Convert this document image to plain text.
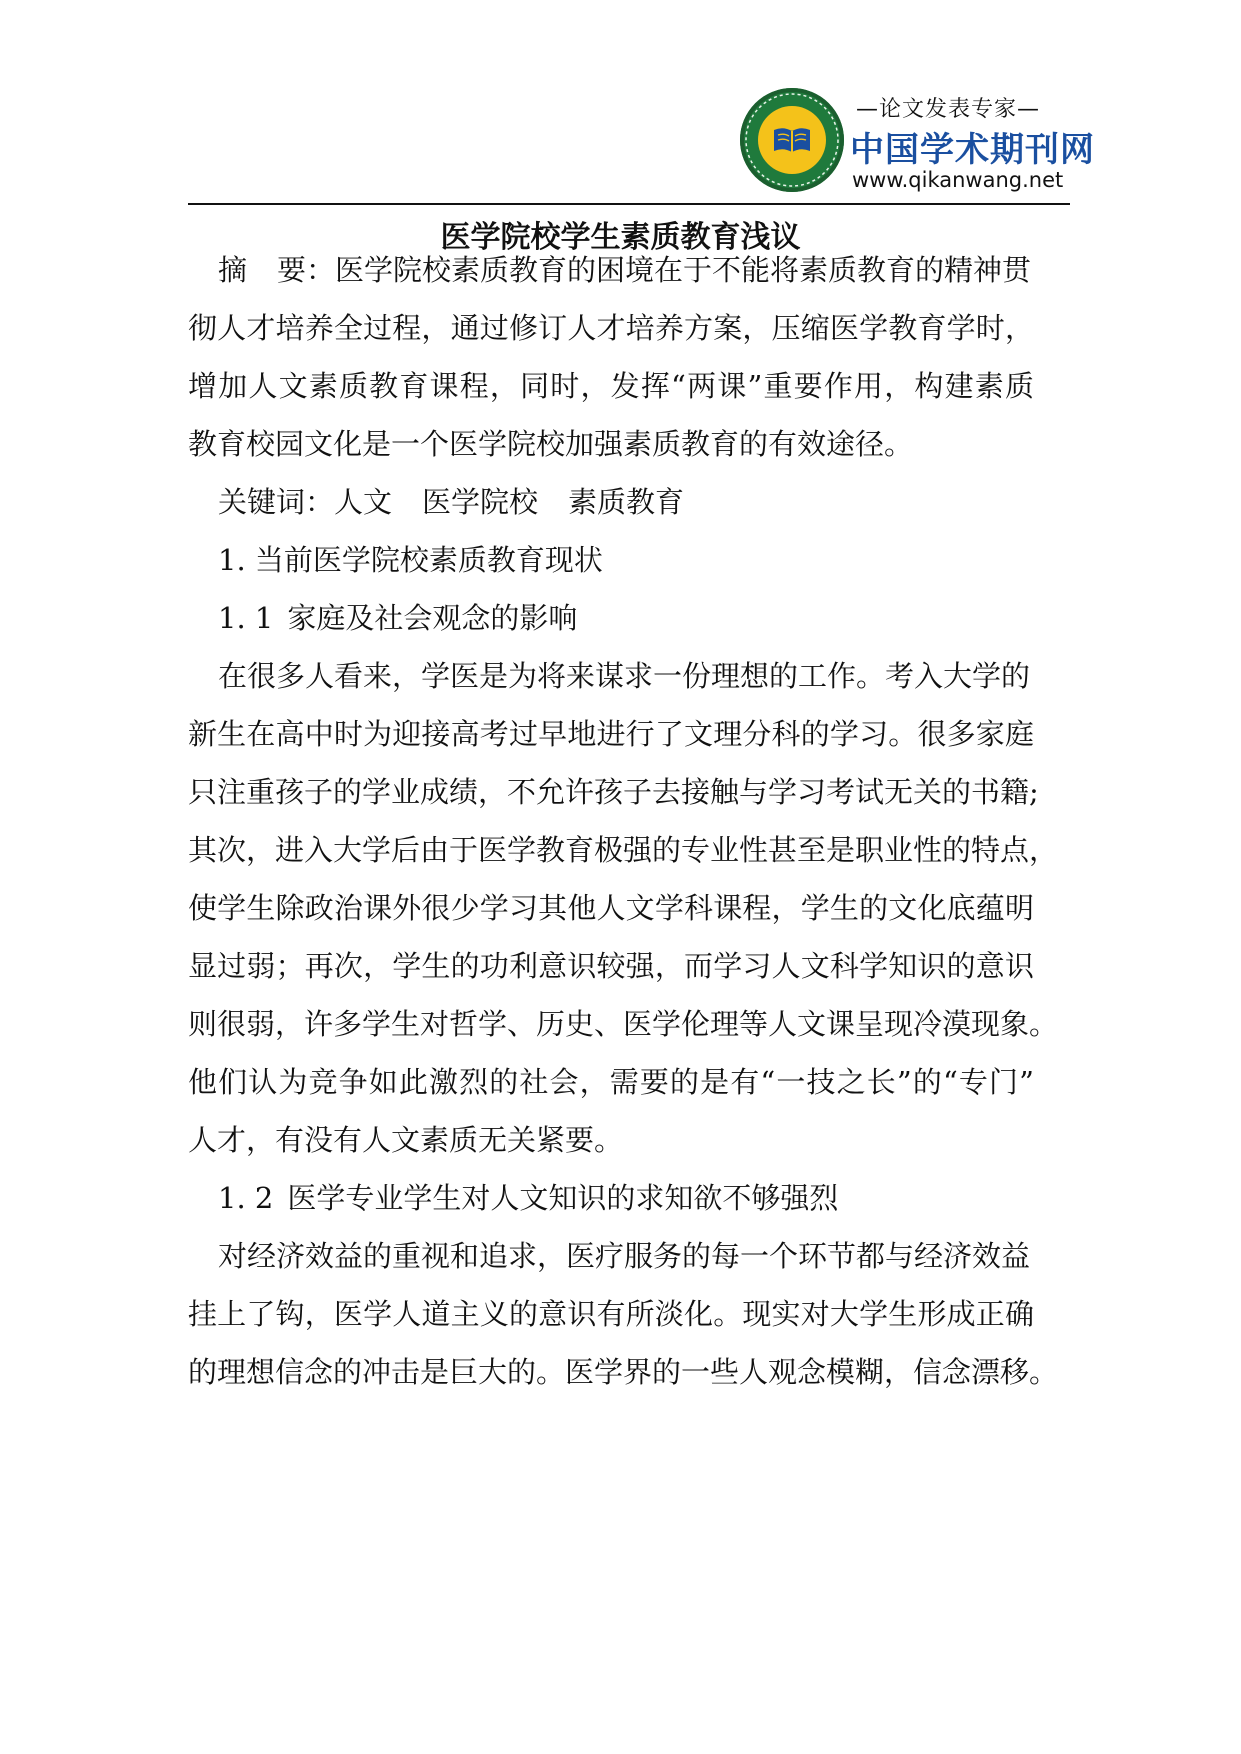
—论文发表专家—
中国学术期刊网
www.qikanwang.net
医学院校学生素质教育浅议
摘 要：医学院校素质教育的困境在于不能将素质教育的精神贯
彻人才培养全过程，通过修订人才培养方案，压缩医学教育学时，
增加人文素质教育课程，同时，发挥“两课”重要作用，构建素质
教育校园文化是一个医学院校加强素质教育的有效途径。
关键词：人文 医学院校 素质教育
1. 当前医学院校素质教育现状
1. 1 家庭及社会观念的影响
在很多人看来，学医是为将来谋求一份理想的工作。考入大学的
新生在高中时为迎接高考过早地进行了文理分科的学习。很多家庭
只注重孩子的学业成绩，不允许孩子去接触与学习考试无关的书籍;
其次，进入大学后由于医学教育极强的专业性甚至是职业性的特点，
使学生除政治课外很少学习其他人文学科课程，学生的文化底蕴明
显过弱；再次，学生的功利意识较强，而学习人文科学知识的意识
则很弱，许多学生对哲学、历史、医学伦理等人文课呈现冷漠现象。
他们认为竞争如此激烈的社会，需要的是有“一技之长”的“专门”
人才，有没有人文素质无关紧要。
1. 2 医学专业学生对人文知识的求知欲不够强烈
对经济效益的重视和追求，医疗服务的每一个环节都与经济效益
挂上了钩，医学人道主义的意识有所淡化。现实对大学生形成正确
的理想信念的冲击是巨大的。医学界的一些人观念模糊，信念漂移。
